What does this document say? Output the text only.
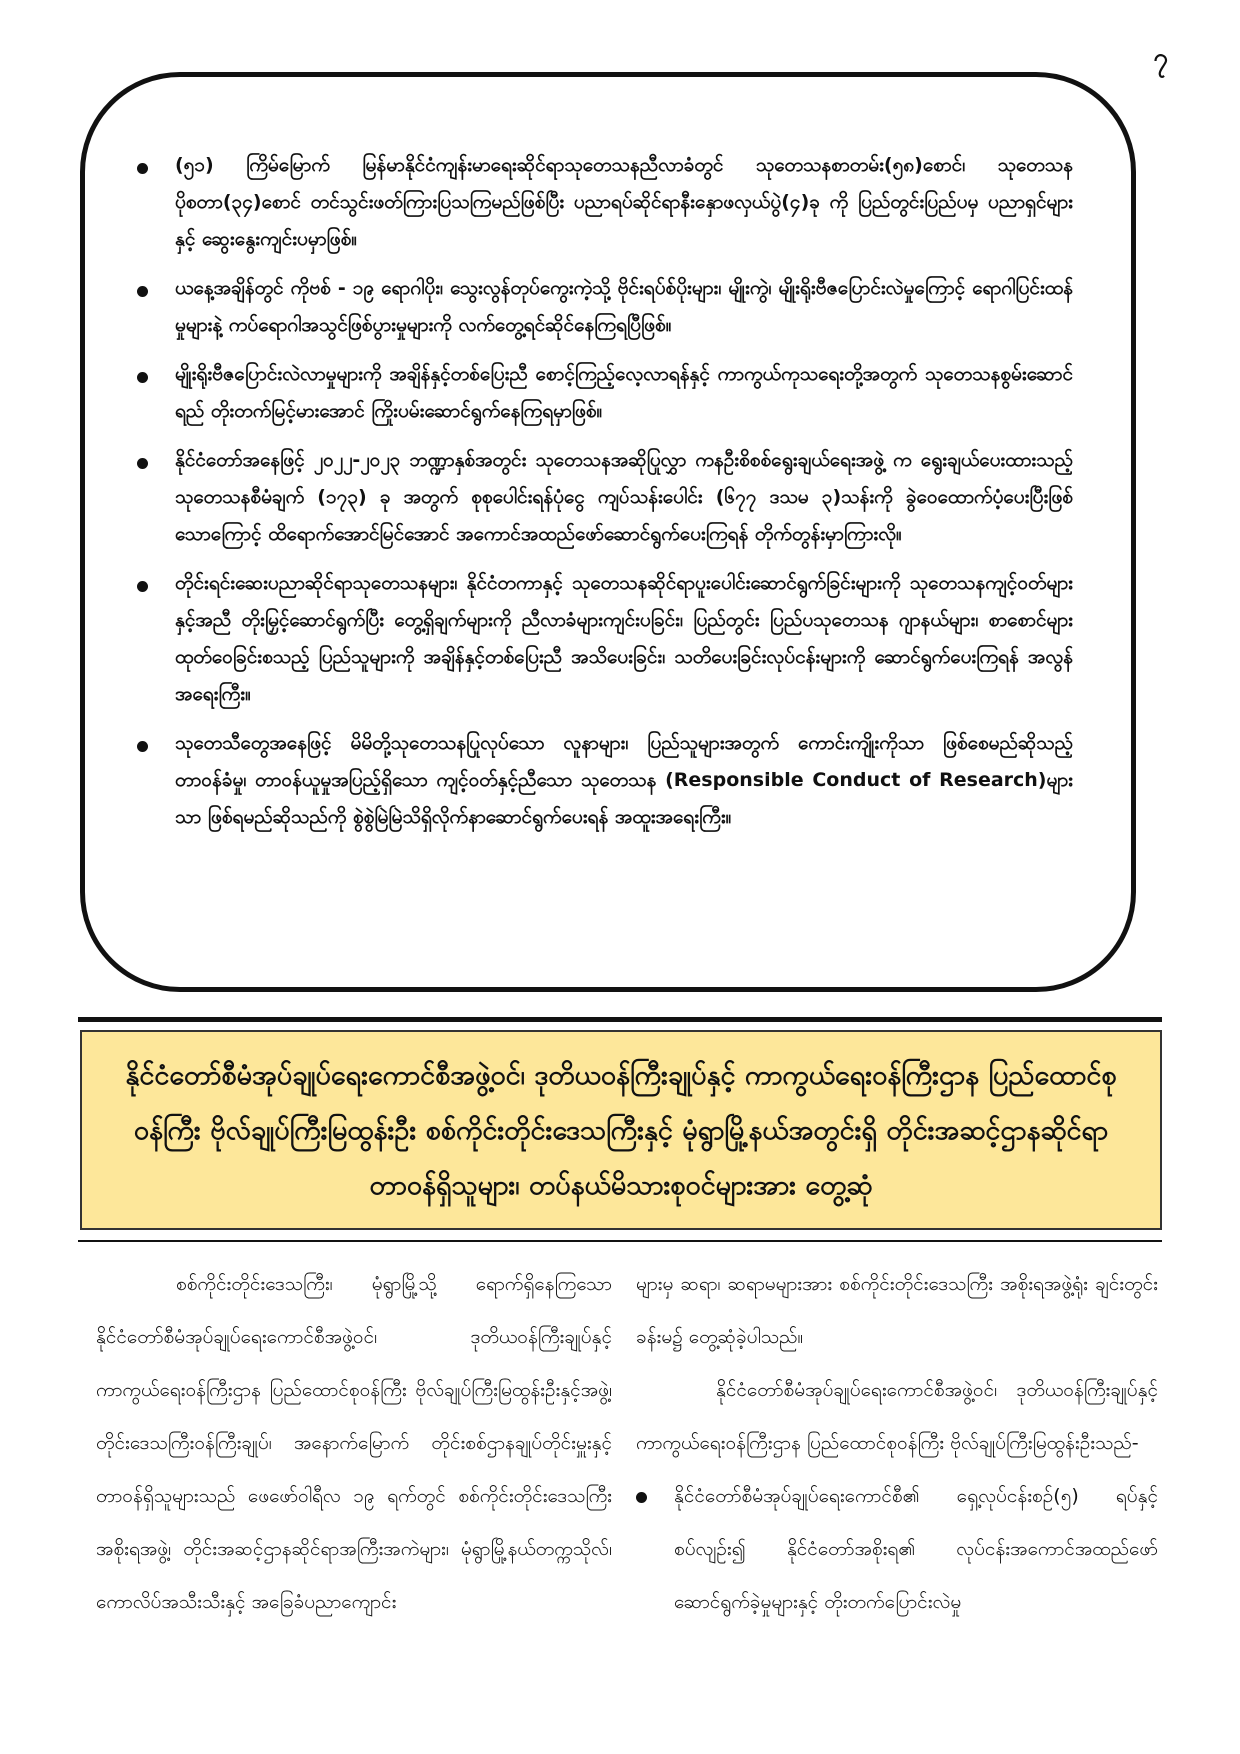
၇
(၅၁) ကြိမ်မြောက် မြန်မာနိုင်ငံကျန်းမာရေးဆိုင်ရာသုတေသနညီလာခံတွင် သုတေသနစာတမ်း(၅၈)စောင်၊ သုတေသနပိုစတာ(၃၄)စောင် တင်သွင်းဖတ်ကြားပြသကြမည်ဖြစ်ပြီး ပညာရပ်ဆိုင်ရာနီးနှောဖလှယ်ပွဲ(၄)ခု ကို ပြည်တွင်းပြည်ပမှ ပညာရှင်များနှင့် ဆွေးနွေးကျင်းပမှာဖြစ်။
ယနေ့အချိန်တွင် ကိုဗစ် - ၁၉ ရောဂါပိုး၊ သွေးလွန်တုပ်ကွေးကဲ့သို့ ဗိုင်းရပ်စ်ပိုးများ၊ မျိုးကွဲ၊ မျိုးရိုးဗီဇပြောင်းလဲမှုကြောင့် ရောဂါပြင်းထန်မှုများနဲ့ ကပ်ရောဂါအသွင်ဖြစ်ပွားမှုများကို လက်တွေ့ရင်ဆိုင်နေကြရပြီဖြစ်။
မျိုးရိုးဗီဇပြောင်းလဲလာမှုများကို အချိန်နှင့်တစ်ပြေးညီ စောင့်ကြည့်လေ့လာရန်နှင့် ကာကွယ်ကုသရေးတို့အတွက် သုတေသနစွမ်းဆောင်ရည် တိုးတက်မြင့်မားအောင် ကြိုးပမ်းဆောင်ရွက်နေကြရမှာဖြစ်။
နိုင်ငံတော်အနေဖြင့် ၂၀၂၂-၂၀၂၃ ဘဏ္ဍာနှစ်အတွင်း သုတေသနအဆိုပြုလွှာ ကနဦးစိစစ်ရွေးချယ်ရေးအဖွဲ့ က ရွေးချယ်ပေးထားသည့် သုတေသနစီမံချက် (၁၇၃) ခု အတွက် စုစုပေါင်းရန်ပုံငွေ ကျပ်သန်းပေါင်း (၆၇၇ ဒသမ ၃)သန်းကို ခွဲဝေထောက်ပံ့ပေးပြီးဖြစ်သောကြောင့် ထိရောက်အောင်မြင်အောင် အကောင်အထည်ဖော်ဆောင်ရွက်ပေးကြရန် တိုက်တွန်းမှာကြားလို။
တိုင်းရင်းဆေးပညာဆိုင်ရာသုတေသနများ၊ နိုင်ငံတကာနှင့် သုတေသနဆိုင်ရာပူးပေါင်းဆောင်ရွက်ခြင်းများကို သုတေသနကျင့်ဝတ်များနှင့်အညီ တိုးမြှင့်ဆောင်ရွက်ပြီး တွေ့ရှိချက်များကို ညီလာခံများကျင်းပခြင်း၊ ပြည်တွင်း ပြည်ပသုတေသန ဂျာနယ်များ၊ စာစောင်များထုတ်ဝေခြင်းစသည့် ပြည်သူများကို အချိန်နှင့်တစ်ပြေးညီ အသိပေးခြင်း၊ သတိပေးခြင်းလုပ်ငန်းများကို ဆောင်ရွက်ပေးကြရန် အလွန်အရေးကြီး။
သုတေသီတွေအနေဖြင့် မိမိတို့သုတေသနပြုလုပ်သော လူနာများ၊ ပြည်သူများအတွက် ကောင်းကျိုးကိုသာ ဖြစ်စေမည်ဆိုသည့် တာဝန်ခံမှု၊ တာဝန်ယူမှုအပြည့်ရှိသော ကျင့်ဝတ်နှင့်ညီသော သုတေသန (Responsible Conduct of Research)များသာ ဖြစ်ရမည်ဆိုသည်ကို စွဲစွဲမြဲမြဲသိရှိလိုက်နာဆောင်ရွက်ပေးရန် အထူးအရေးကြီး။
နိုင်ငံတော်စီမံအုပ်ချုပ်ရေးကောင်စီအဖွဲ့ဝင်၊ ဒုတိယဝန်ကြီးချုပ်နှင့် ကာကွယ်ရေးဝန်ကြီးဌာန ပြည်ထောင်စုဝန်ကြီး ဗိုလ်ချုပ်ကြီးမြထွန်းဦး စစ်ကိုင်းတိုင်းဒေသကြီးနှင့် မုံရွာမြို့နယ်အတွင်းရှိ တိုင်းအဆင့်ဌာနဆိုင်ရာ တာဝန်ရှိသူများ၊ တပ်နယ်မိသားစုဝင်များအား တွေ့ဆုံ

စစ်ကိုင်းတိုင်းဒေသကြီး၊ မုံရွာမြို့သို့ ရောက်ရှိနေကြသော နိုင်ငံတော်စီမံအုပ်ချုပ်ရေးကောင်စီအဖွဲ့ဝင်၊ ဒုတိယဝန်ကြီးချုပ်နှင့် ကာကွယ်ရေးဝန်ကြီးဌာန ပြည်ထောင်စုဝန်ကြီး ဗိုလ်ချုပ်ကြီးမြထွန်းဦးနှင့်အဖွဲ့၊ တိုင်းဒေသကြီးဝန်ကြီးချုပ်၊ အနောက်မြောက် တိုင်းစစ်ဌာနချုပ်တိုင်းမှူးနှင့် တာဝန်ရှိသူများသည် ဖေဖော်ဝါရီလ ၁၉ ရက်တွင် စစ်ကိုင်းတိုင်းဒေသကြီး အစိုးရအဖွဲ့၊ တိုင်းအဆင့်ဌာနဆိုင်ရာအကြီးအကဲများ၊ မုံရွာမြို့နယ်တက္ကသိုလ်၊ ကောလိပ်အသီးသီးနှင့် အခြေခံပညာကျောင်း

များမှ ဆရာ၊ ဆရာမများအား စစ်ကိုင်းတိုင်းဒေသကြီး အစိုးရအဖွဲ့ရုံး ချင်းတွင်းခန်းမ၌ တွေ့ဆုံခဲ့ပါသည်။

နိုင်ငံတော်စီမံအုပ်ချုပ်ရေးကောင်စီအဖွဲ့ဝင်၊ ဒုတိယဝန်ကြီးချုပ်နှင့် ကာကွယ်ရေးဝန်ကြီးဌာန ပြည်ထောင်စုဝန်ကြီး ဗိုလ်ချုပ်ကြီးမြထွန်းဦးသည်-

နိုင်ငံတော်စီမံအုပ်ချုပ်ရေးကောင်စီ၏ ရှေ့လုပ်ငန်းစဉ်(၅) ရပ်နှင့်စပ်လျဉ်း၍ နိုင်ငံတော်အစိုးရ၏ လုပ်ငန်းအကောင်အထည်ဖော်ဆောင်ရွက်ခဲ့မှုများနှင့် တိုးတက်ပြောင်းလဲမှု
